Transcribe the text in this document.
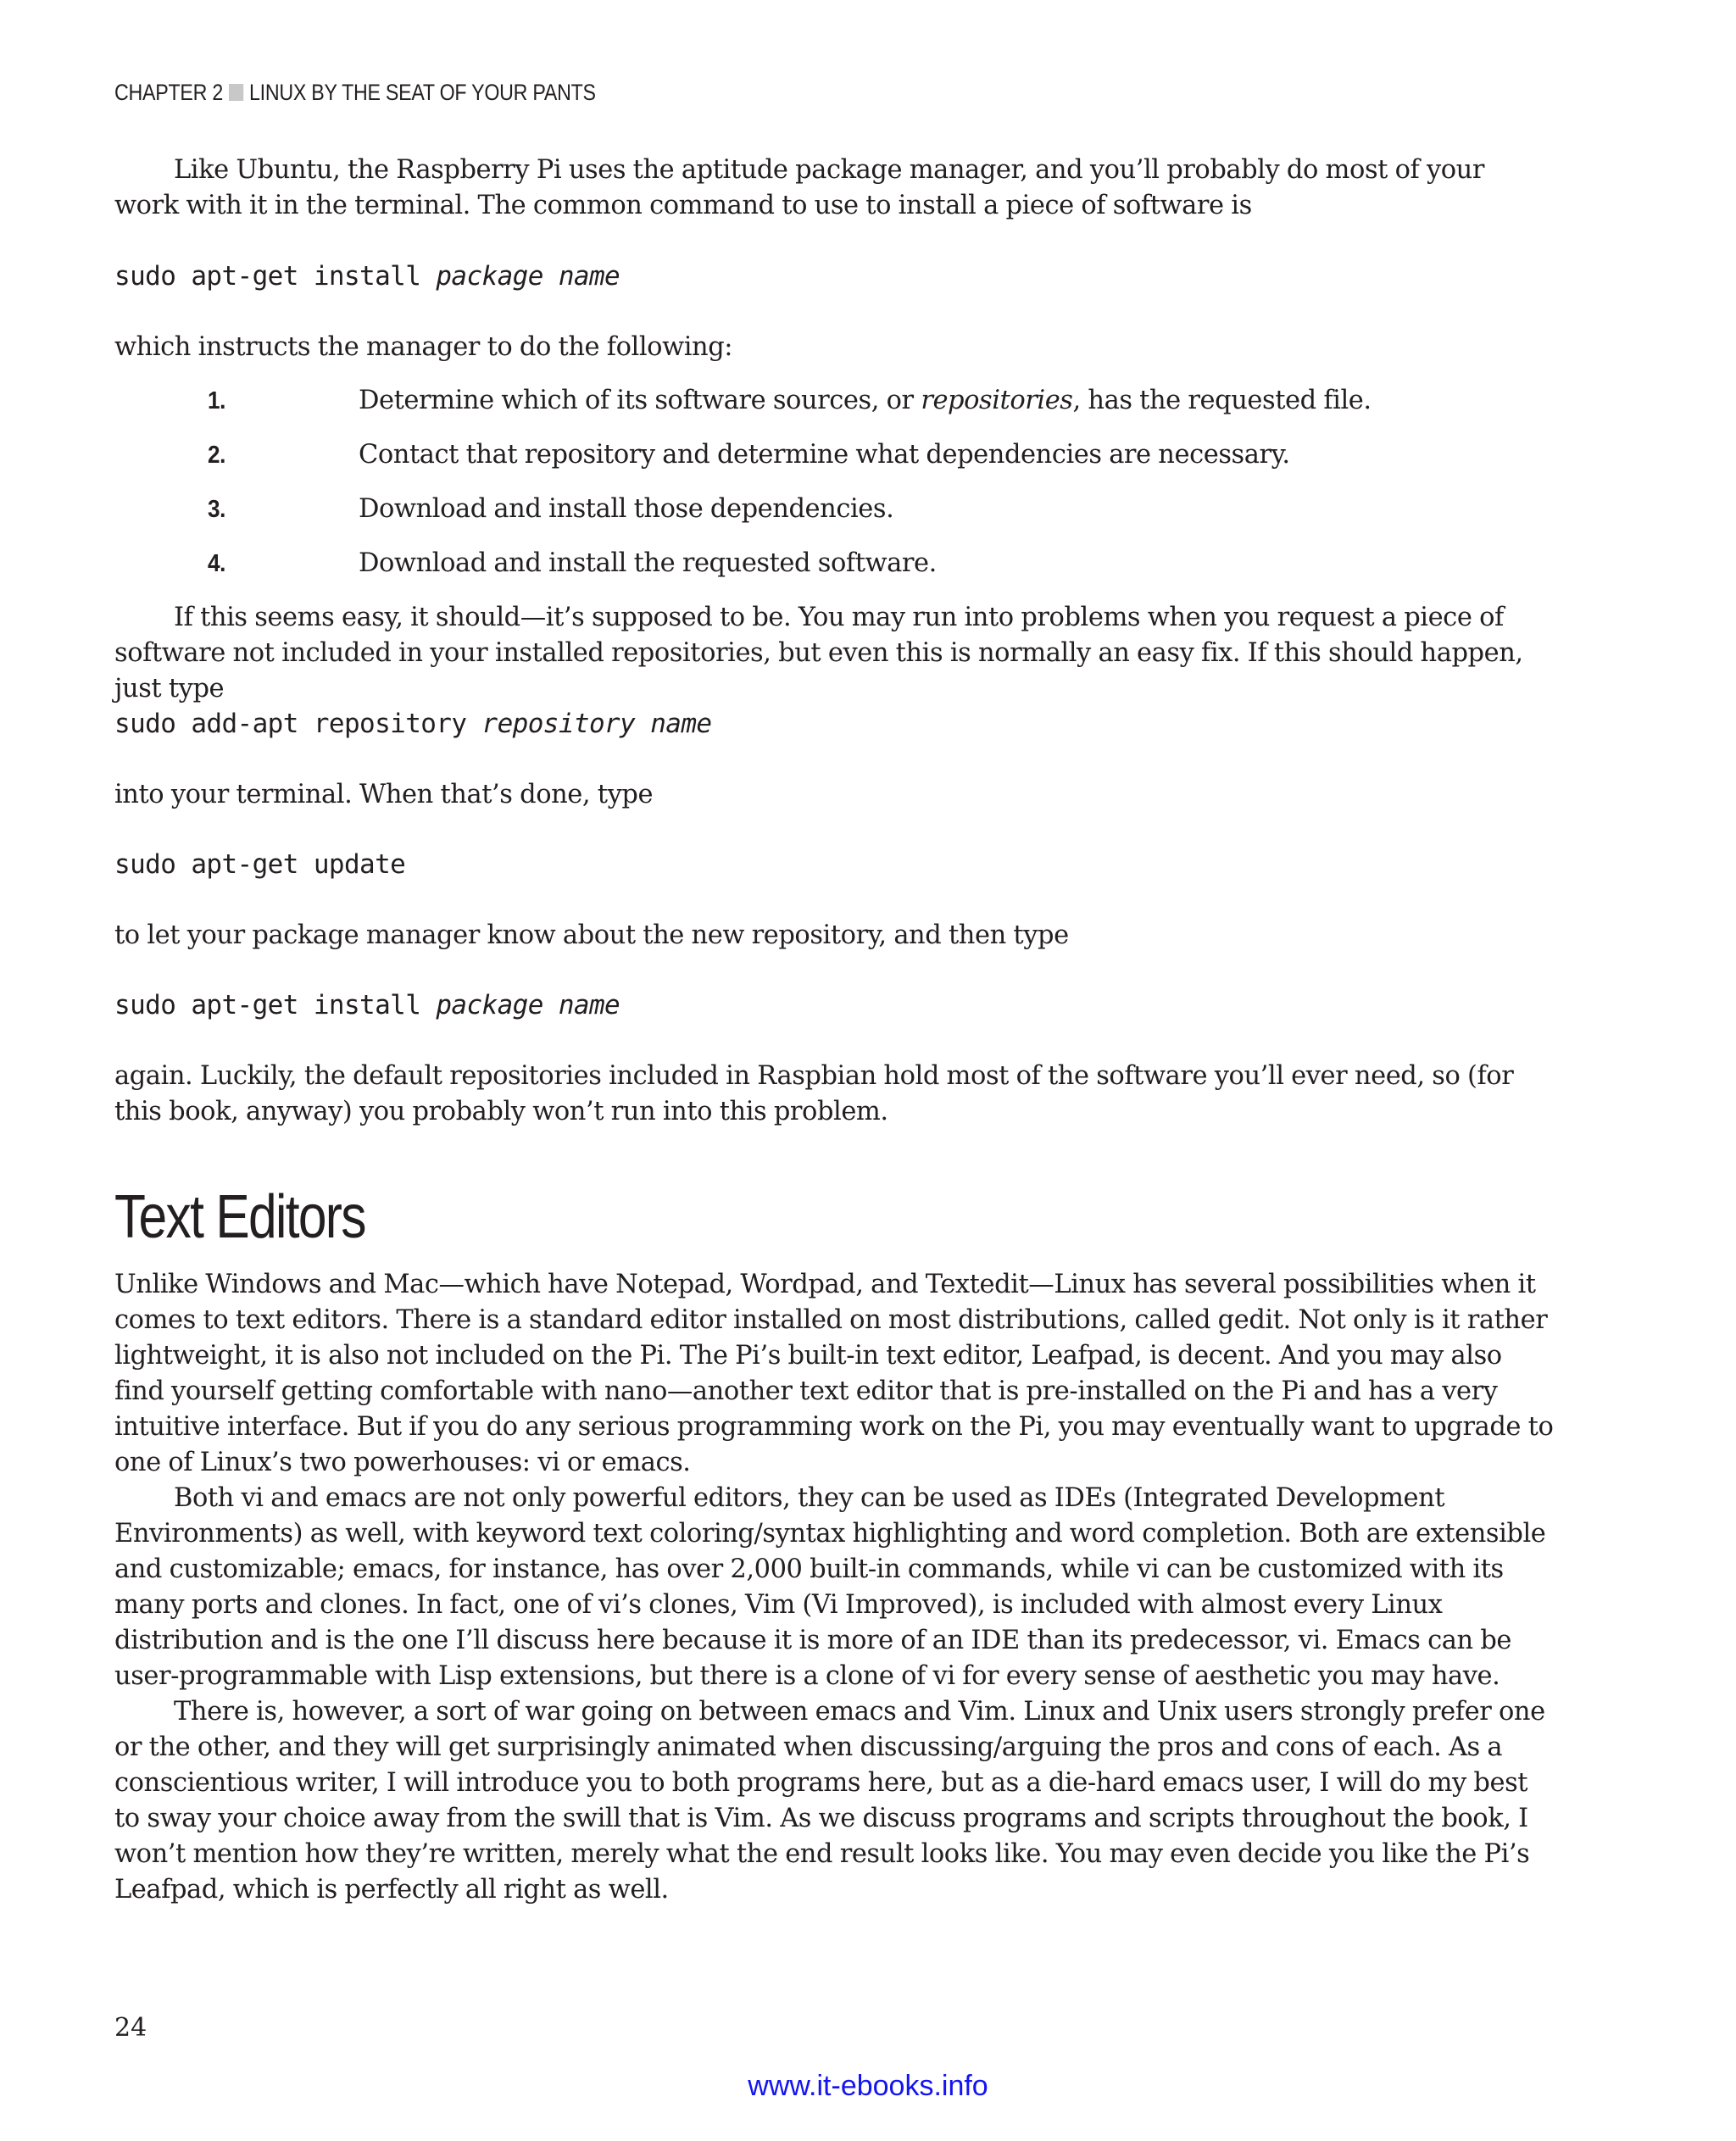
CHAPTER 2 LINUX BY THE SEAT OF YOUR PANTS

Like Ubuntu, the Raspberry Pi uses the aptitude package manager, and you’ll probably do most of your work with it in the terminal. The common command to use to install a piece of software is

sudo apt-get install package name

which instructs the manager to do the following:

1.	Determine which of its software sources, or repositories, has the requested file.
2.	Contact that repository and determine what dependencies are necessary.
3.	Download and install those dependencies.
4.	Download and install the requested software.

If this seems easy, it should—it’s supposed to be. You may run into problems when you request a piece of software not included in your installed repositories, but even this is normally an easy fix. If this should happen, just type

sudo add-apt repository repository name

into your terminal. When that’s done, type

sudo apt-get update

to let your package manager know about the new repository, and then type

sudo apt-get install package name

again. Luckily, the default repositories included in Raspbian hold most of the software you’ll ever need, so (for this book, anyway) you probably won’t run into this problem.

Text Editors

Unlike Windows and Mac—which have Notepad, Wordpad, and Textedit—Linux has several possibilities when it comes to text editors. There is a standard editor installed on most distributions, called gedit. Not only is it rather lightweight, it is also not included on the Pi. The Pi’s built-in text editor, Leafpad, is decent. And you may also find yourself getting comfortable with nano—another text editor that is pre-installed on the Pi and has a very intuitive interface. But if you do any serious programming work on the Pi, you may eventually want to upgrade to one of Linux’s two powerhouses: vi or emacs.

Both vi and emacs are not only powerful editors, they can be used as IDEs (Integrated Development Environments) as well, with keyword text coloring/syntax highlighting and word completion. Both are extensible and customizable; emacs, for instance, has over 2,000 built-in commands, while vi can be customized with its many ports and clones. In fact, one of vi’s clones, Vim (Vi Improved), is included with almost every Linux distribution and is the one I’ll discuss here because it is more of an IDE than its predecessor, vi. Emacs can be user-programmable with Lisp extensions, but there is a clone of vi for every sense of aesthetic you may have.

There is, however, a sort of war going on between emacs and Vim. Linux and Unix users strongly prefer one or the other, and they will get surprisingly animated when discussing/arguing the pros and cons of each. As a conscientious writer, I will introduce you to both programs here, but as a die-hard emacs user, I will do my best to sway your choice away from the swill that is Vim. As we discuss programs and scripts throughout the book, I won’t mention how they’re written, merely what the end result looks like. You may even decide you like the Pi’s Leafpad, which is perfectly all right as well.

24
www.it-ebooks.info
